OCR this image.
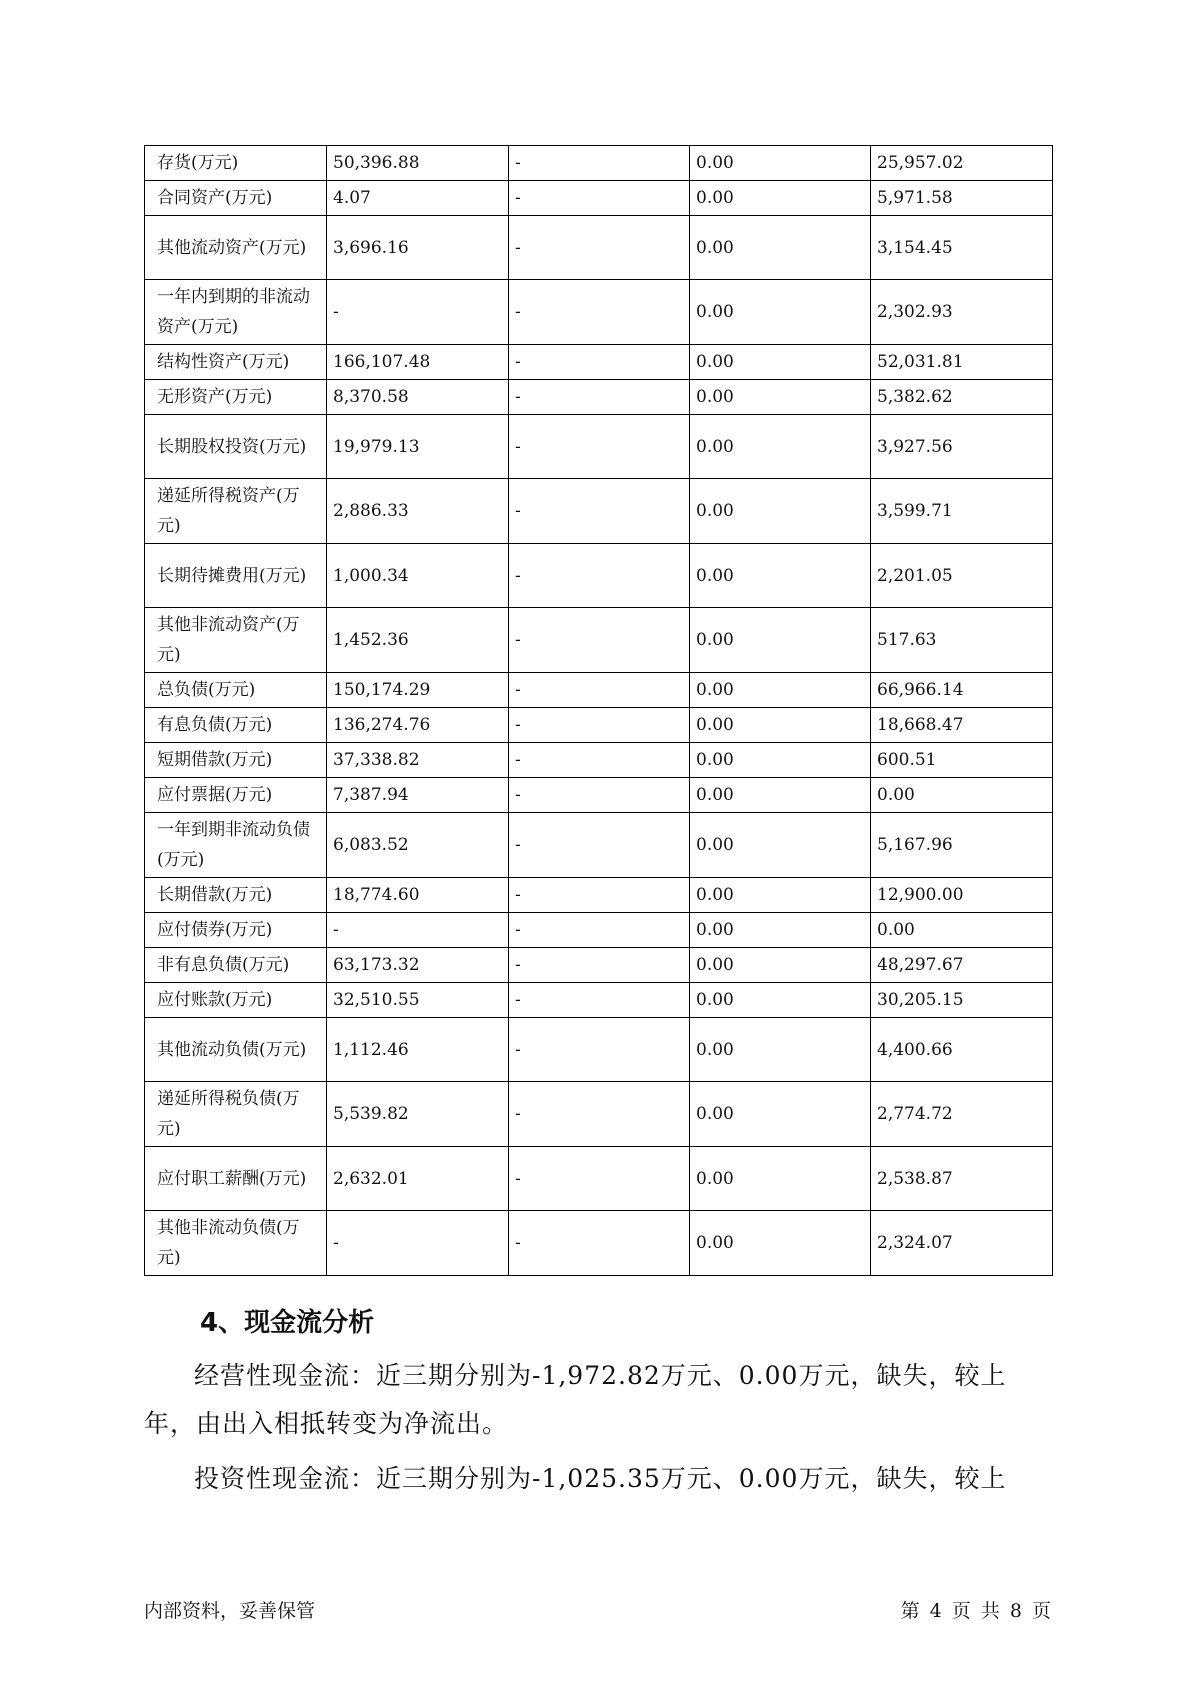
存货(万元)	50,396.88	-	0.00	25,957.02
合同资产(万元)	4.07	-	0.00	5,971.58
其他流动资产(万元)	3,696.16	-	0.00	3,154.45
一年内到期的非流动资产(万元)	-	-	0.00	2,302.93
结构性资产(万元)	166,107.48	-	0.00	52,031.81
无形资产(万元)	8,370.58	-	0.00	5,382.62
长期股权投资(万元)	19,979.13	-	0.00	3,927.56
递延所得税资产(万元)	2,886.33	-	0.00	3,599.71
长期待摊费用(万元)	1,000.34	-	0.00	2,201.05
其他非流动资产(万元)	1,452.36	-	0.00	517.63
总负债(万元)	150,174.29	-	0.00	66,966.14
有息负债(万元)	136,274.76	-	0.00	18,668.47
短期借款(万元)	37,338.82	-	0.00	600.51
应付票据(万元)	7,387.94	-	0.00	0.00
一年到期非流动负债(万元)	6,083.52	-	0.00	5,167.96
长期借款(万元)	18,774.60	-	0.00	12,900.00
应付债券(万元)	-	-	0.00	0.00
非有息负债(万元)	63,173.32	-	0.00	48,297.67
应付账款(万元)	32,510.55	-	0.00	30,205.15
其他流动负债(万元)	1,112.46	-	0.00	4,400.66
递延所得税负债(万元)	5,539.82	-	0.00	2,774.72
应付职工薪酬(万元)	2,632.01	-	0.00	2,538.87
其他非流动负债(万元)	-	-	0.00	2,324.07
4、现金流分析

经营性现金流：近三期分别为-1,972.82万元、0.00万元，缺失，较上年，由出入相抵转变为净流出。

投资性现金流：近三期分别为-1,025.35万元、0.00万元，缺失，较上

内部资料，妥善保管	第 4 页 共 8 页
